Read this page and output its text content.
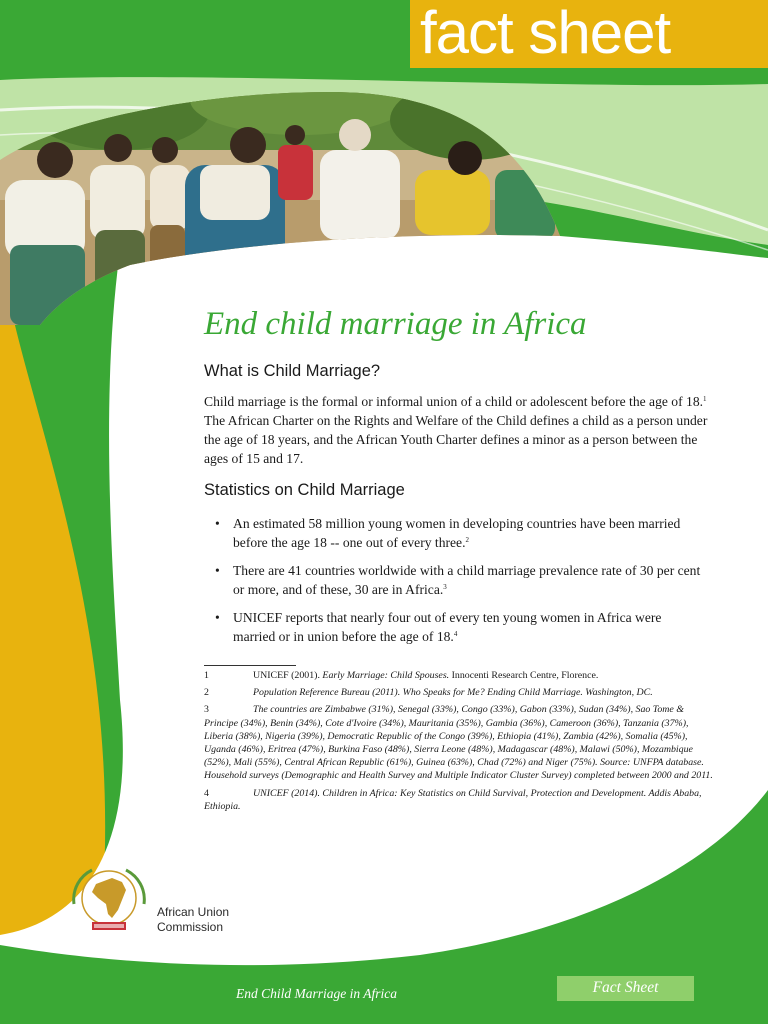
fact sheet
End child marriage in Africa
What is Child Marriage?

Child marriage is the formal or informal union of a child or adolescent before the age of 18.$^1$ The African Charter on the Rights and Welfare of the Child defines a child as a person under the age of 18 years, and the African Youth Charter defines a minor as a person between the ages of 15 and 17.

Statistics on Child Marriage
• An estimated 58 million young women in developing countries have been married before the age 18 -- one out of every three.$^2$
• There are 41 countries worldwide with a child marriage prevalence rate of 30 per cent or more, and of these, 30 are in Africa.$^3$
• UNICEF reports that nearly four out of every ten young women in Africa were married or in union before the age of 18.$^4$

1	UNICEF (2001). Early Marriage: Child Spouses. Innocenti Research Centre, Florence.

2	Population Reference Bureau (2011). Who Speaks for Me? Ending Child Marriage. Washington, DC.

3	The countries are Zimbabwe (31%), Senegal (33%), Congo (33%), Gabon (33%), Sudan (34%), Sao Tome & Principe (34%), Benin (34%), Cote d'Ivoire (34%), Mauritania (35%), Gambia (36%), Cameroon (36%), Tanzania (37%), Liberia (38%), Nigeria (39%), Democratic Republic of the Congo (39%), Ethiopia (41%), Zambia (42%), Somalia (45%), Uganda (46%), Eritrea (47%), Burkina Faso (48%), Sierra Leone (48%), Madagascar (48%), Malawi (50%), Mozambique (52%), Mali (55%), Central African Republic (61%), Guinea (63%), Chad (72%) and Niger (75%). Source: UNFPA database. Household surveys (Demographic and Health Survey and Multiple Indicator Cluster Survey) completed between 2000 and 2011.

4	UNICEF (2014). Children in Africa: Key Statistics on Child Survival, Protection and Development. Addis Ababa, Ethiopia.

African Union
Commission
End Child Marriage in Africa	Fact Sheet
